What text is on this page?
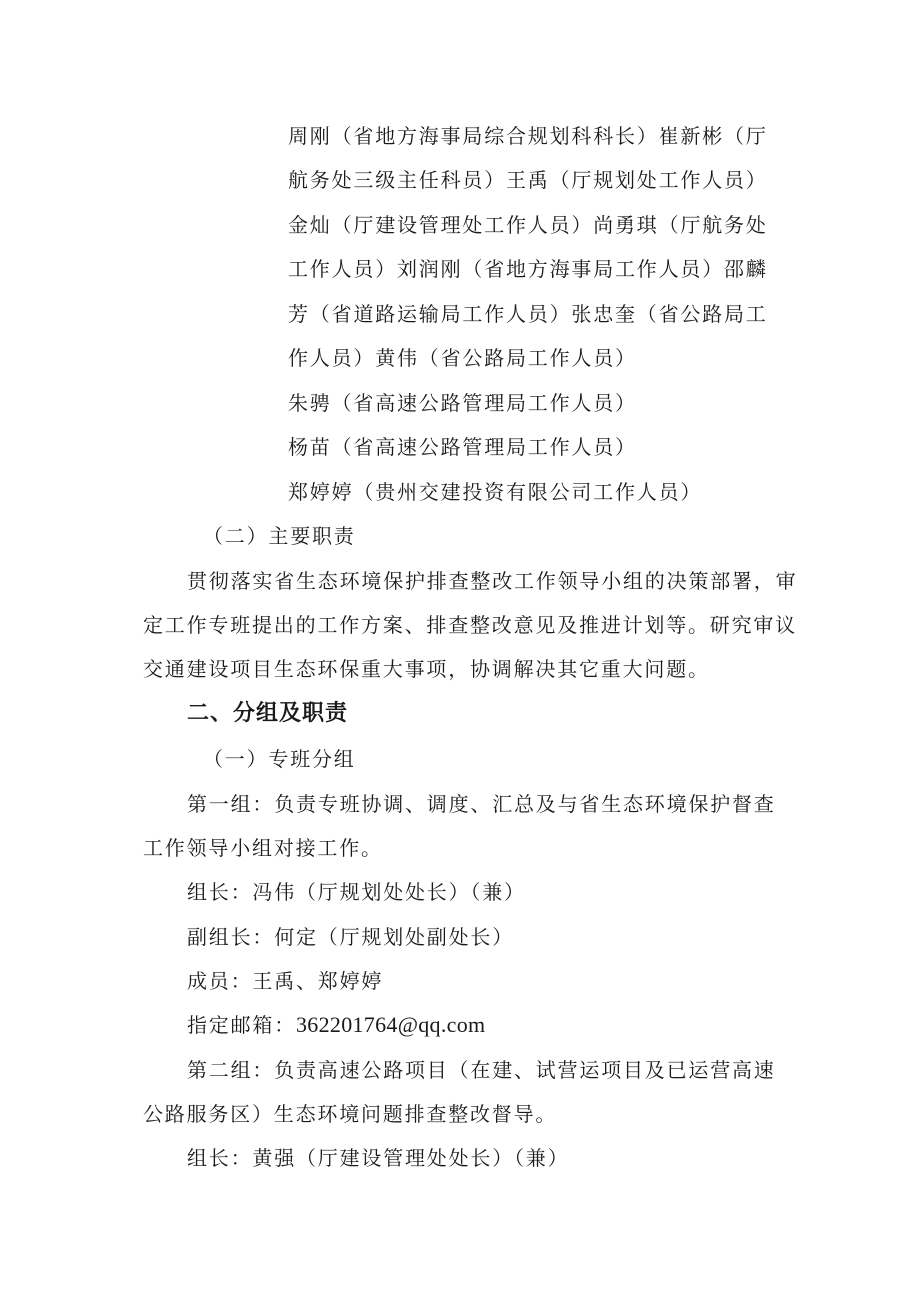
周刚（省地方海事局综合规划科科长）崔新彬（厅
航务处三级主任科员）王禹（厅规划处工作人员）
金灿（厅建设管理处工作人员）尚勇琪（厅航务处
工作人员）刘润刚（省地方海事局工作人员）邵麟
芳（省道路运输局工作人员）张忠奎（省公路局工
作人员）黄伟（省公路局工作人员）
朱骋（省高速公路管理局工作人员）
杨苗（省高速公路管理局工作人员）
郑婷婷（贵州交建投资有限公司工作人员）
（二）主要职责
贯彻落实省生态环境保护排查整改工作领导小组的决策部署，审
定工作专班提出的工作方案、排查整改意见及推进计划等。研究审议
交通建设项目生态环保重大事项，协调解决其它重大问题。
二、分组及职责
（一）专班分组
第一组：负责专班协调、调度、汇总及与省生态环境保护督查
工作领导小组对接工作。
组长：冯伟（厅规划处处长）（兼）
副组长：何定（厅规划处副处长）
成员：王禹、郑婷婷
指定邮箱：362201764@qq.com
第二组：负责高速公路项目（在建、试营运项目及已运营高速
公路服务区）生态环境问题排查整改督导。
组长：黄强（厅建设管理处处长）（兼）
